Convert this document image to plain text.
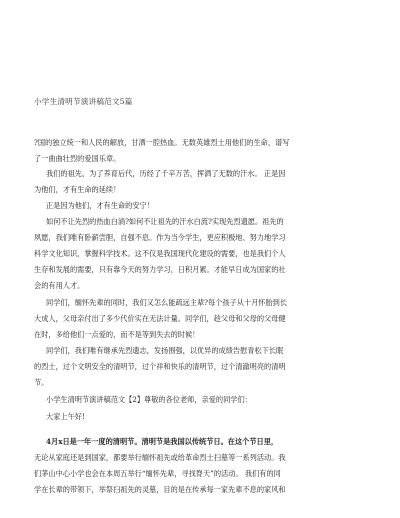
小学生清明节演讲稿范文5篇
?国的独立统一和人民的解放，甘洒一腔热血。无数英雄烈士用他们的生命，谱写
了一曲曲壮烈的爱国乐章。
我们的祖先，为了养育后代，历经了千辛万苦，挥洒了无数的汗水。 正是因
为他们，才有生命的延续！
正是因为他们，才有生命的安宁！
如何不让先烈的热血白淌?如何不让祖先的汗水白流?实现先烈遗愿。祖先的
夙愿，我们唯有卧薪尝胆，自强不息。作为当今学生，更应积极地、努力地学习
科学文化知识，掌握科学技术。这不仅是我国现代化建设的需要，也是我们个人
生存和发展的需要，只有靠今天的努力学习，日积月累。才能早日成为国家的社
会的有用人才。
同学们，缅怀先辈的同时，我们又怎么能疏远主辈?每个孩子从十月怀胎到长
大成人，父母亲付出了多少代价实在无法计量。同学们，趁父母和父母的父母健
在时，多给他们一点爱的，而不是等到失去的时候！
同学们，我们唯有继承先烈遗志，发扬围强，以优异的成绩告慰青松下长眠
的烈士，过个文明安全的清明节，过个祥和快乐的清明节，过个清澈明亮的清明
节。
小学生清明节演讲稿范文【2】尊敬的各位老师，亲爱的同学们：
大家上午好!
4月x日是一年一度的清明节。清明节是我国以传统节日。在这个节日里，
无论从家庭还是到国家，都要举行缅怀祖先或给革命烈士扫墓等一系列活动。我
们茅山中心小学也会在本周五举行“缅怀先辈，寻找脊天”的活动。 我们有的同
学在长辈的带领下，举祭扫祖先的灵墓，目的是在传承每一家先辈不息的家风和
